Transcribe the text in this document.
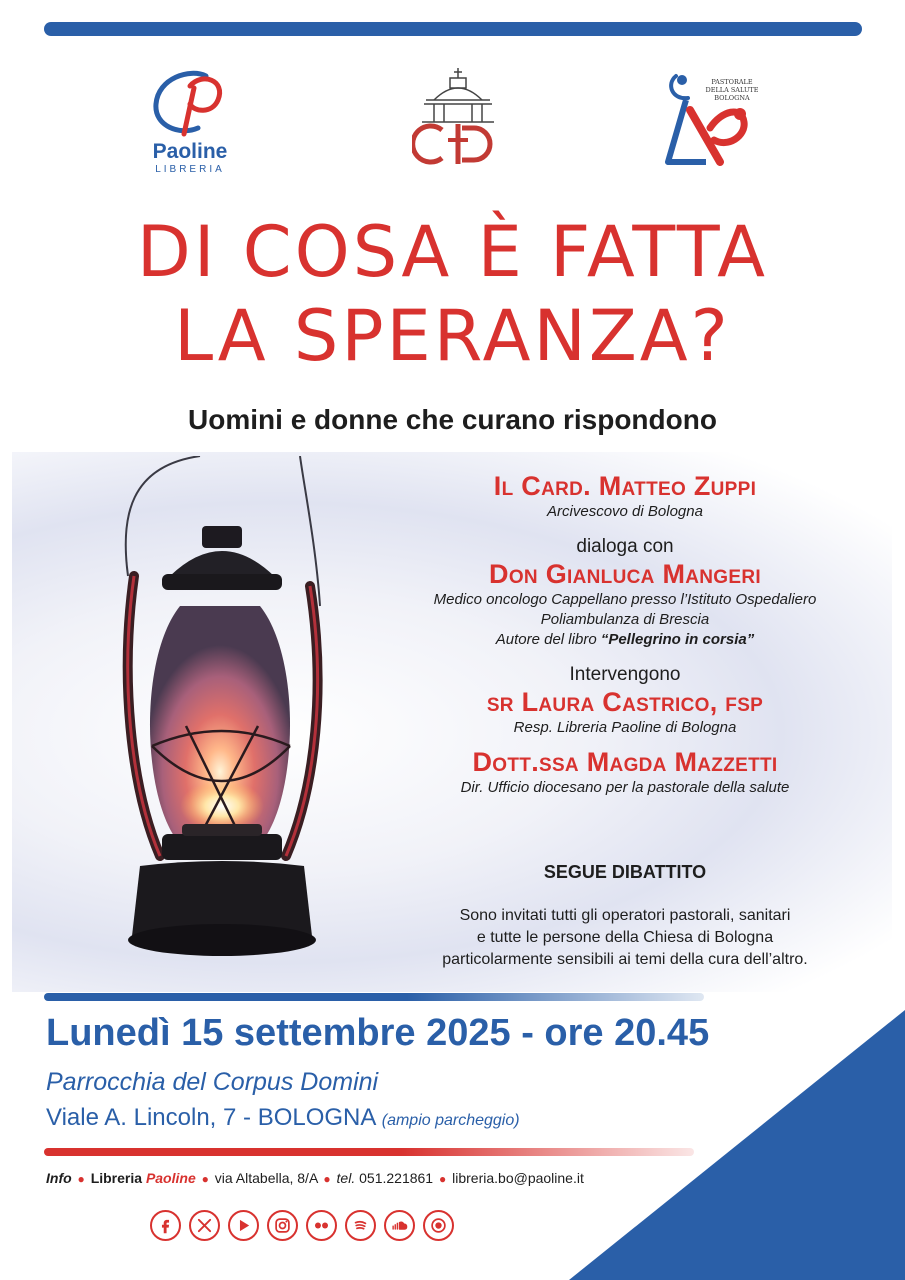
Paoline
LIBRERIA
PASTORALE DELLA SALUTE BOLOGNA
DI COSA È FATTA
LA SPERANZA?
Uomini e donne che curano rispondono
Il Card. Matteo Zuppi
Arcivescovo di Bologna
dialoga con
Don Gianluca Mangeri
Medico oncologo Cappellano presso l’Istituto Ospedaliero
Poliambulanza di Brescia
Autore del libro “Pellegrino in corsia”
Intervengono
sr Laura Castrico, fsp
Resp. Libreria Paoline di Bologna
Dott.ssa Magda Mazzetti
Dir. Ufficio diocesano per la pastorale della salute
SEGUE DIBATTITO
Sono invitati tutti gli operatori pastorali, sanitari
e tutte le persone della Chiesa di Bologna
particolarmente sensibili ai temi della cura dell’altro.
Lunedì 15 settembre 2025 - ore 20.45
Parrocchia del Corpus Domini
Viale A. Lincoln, 7 - BOLOGNA (ampio parcheggio)
Info ● Libreria Paoline ● via Altabella, 8/A ● tel. 051.221861 ● libreria.bo@paoline.it
